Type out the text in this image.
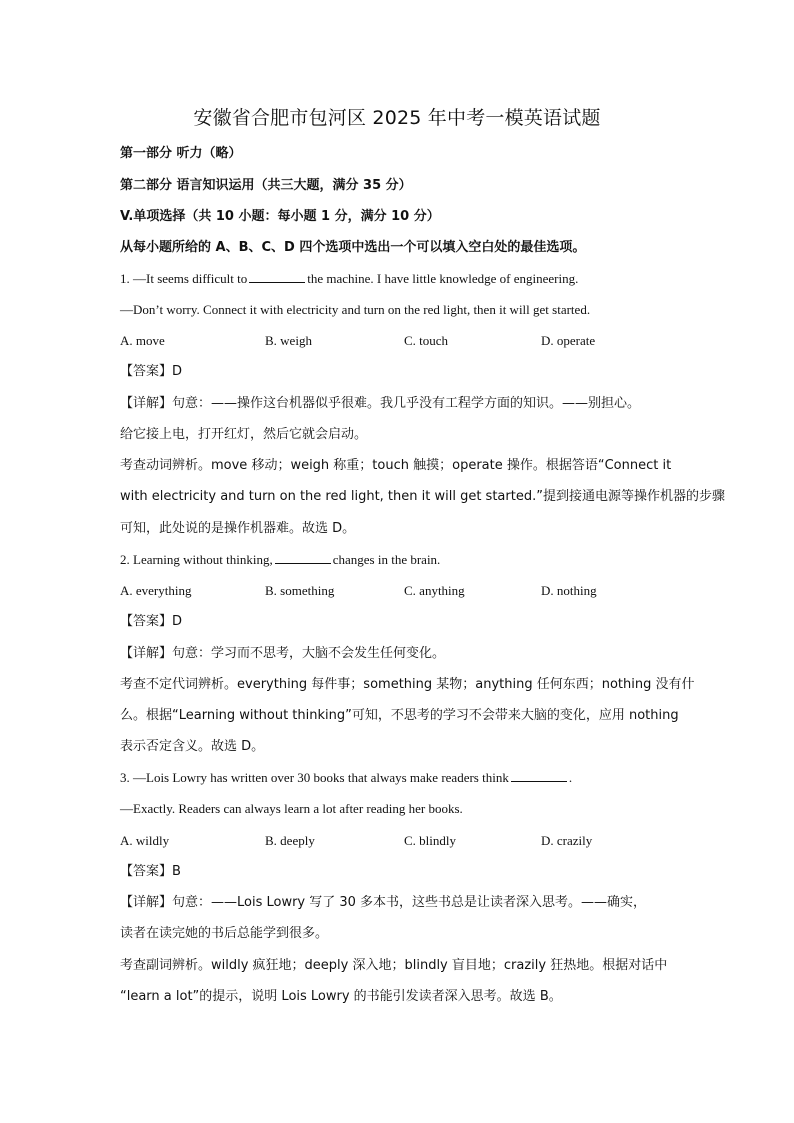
安徽省合肥市包河区 2025 年中考一模英语试题
第一部分 听力（略）
第二部分 语言知识运用（共三大题，满分 35 分）
V.单项选择（共 10 小题：每小题 1 分，满分 10 分）
从每小题所给的 A、B、C、D 四个选项中选出一个可以填入空白处的最佳选项。
1. —It seems difficult to	the machine. I have little knowledge of engineering.
—Don’t worry. Connect it with electricity and turn on the red light, then it will get started.
A. move	B. weigh	C. touch	D. operate
【答案】D
【详解】句意：——操作这台机器似乎很难。我几乎没有工程学方面的知识。——别担心。
给它接上电，打开红灯，然后它就会启动。
考查动词辨析。move 移动；weigh 称重；touch 触摸；operate 操作。根据答语“Connect it
with electricity and turn on the red light, then it will get started.”提到接通电源等操作机器的步骤
可知，此处说的是操作机器难。故选 D。
2. Learning without thinking,	changes in the brain.
A. everything	B. something	C. anything	D. nothing
【答案】D
【详解】句意：学习而不思考，大脑不会发生任何变化。
考查不定代词辨析。everything 每件事；something 某物；anything 任何东西；nothing 没有什
么。根据“Learning without thinking”可知，不思考的学习不会带来大脑的变化，应用 nothing
表示否定含义。故选 D。
3. —Lois Lowry has written over 30 books that always make readers think	.
—Exactly. Readers can always learn a lot after reading her books.
A. wildly	B. deeply	C. blindly	D. crazily
【答案】B
【详解】句意：——Lois Lowry 写了 30 多本书，这些书总是让读者深入思考。——确实，
读者在读完她的书后总能学到很多。
考查副词辨析。wildly 疯狂地；deeply 深入地；blindly 盲目地；crazily 狂热地。根据对话中
“learn a lot”的提示，说明 Lois Lowry 的书能引发读者深入思考。故选 B。
